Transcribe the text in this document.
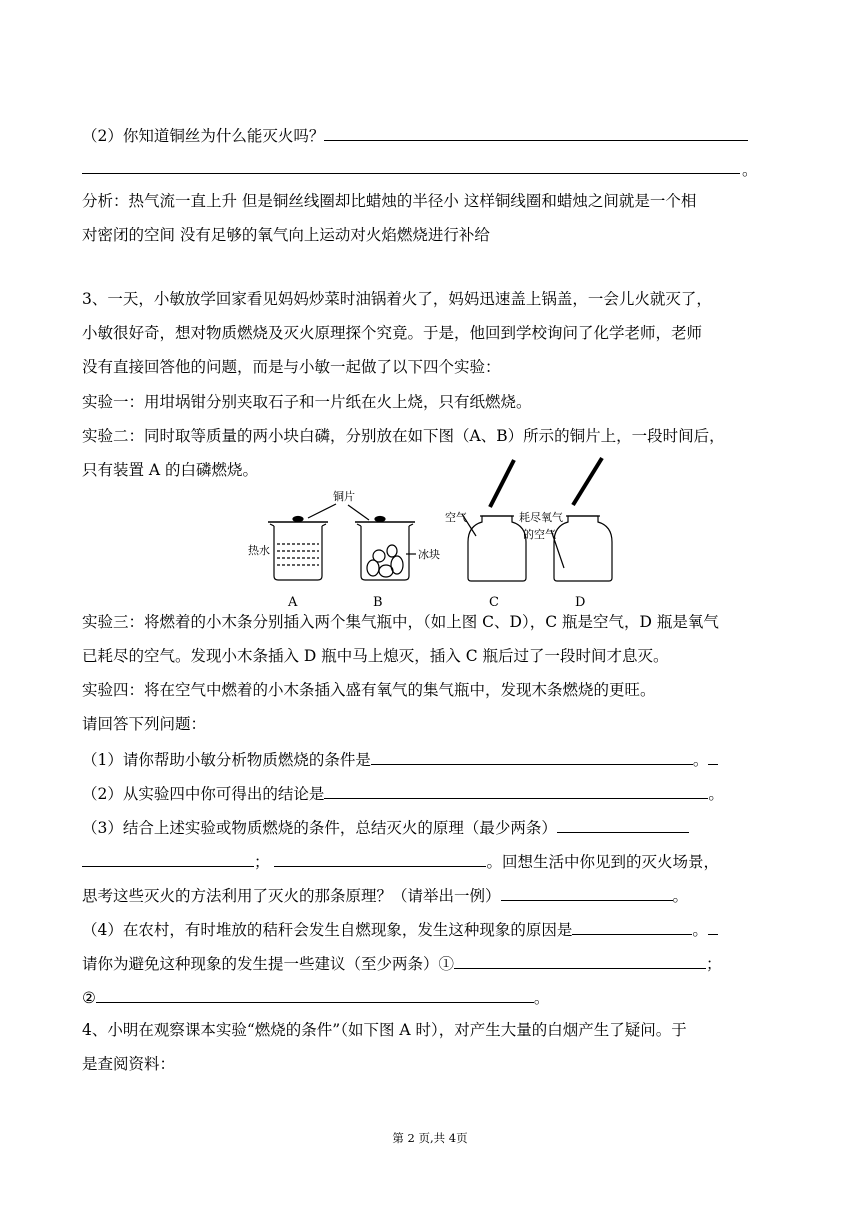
（2）你知道铜丝为什么能灭火吗？
。
分析：热气流一直上升 但是铜丝线圈却比蜡烛的半径小 这样铜线圈和蜡烛之间就是一个相
对密闭的空间 没有足够的氧气向上运动对火焰燃烧进行补给
3、一天，小敏放学回家看见妈妈炒菜时油锅着火了，妈妈迅速盖上锅盖，一会儿火就灭了，
小敏很好奇，想对物质燃烧及灭火原理探个究竟。于是，他回到学校询问了化学老师，老师
没有直接回答他的问题，而是与小敏一起做了以下四个实验：
实验一：用坩埚钳分别夹取石子和一片纸在火上烧，只有纸燃烧。
实验二：同时取等质量的两小块白磷，分别放在如下图（A、B）所示的铜片上，一段时间后，
只有装置 A 的白磷燃烧。
铜片
热水	冰块
空气	耗尽氧气
的空气
A	B	C	D
实验三：将燃着的小木条分别插入两个集气瓶中，（如上图 C、D），C 瓶是空气，D 瓶是氧气
已耗尽的空气。发现小木条插入 D 瓶中马上熄灭，插入 C 瓶后过了一段时间才息灭。
实验四：将在空气中燃着的小木条插入盛有氧气的集气瓶中，发现木条燃烧的更旺。
请回答下列问题：
（1）请你帮助小敏分析物质燃烧的条件是	。
（2）从实验四中你可得出的结论是	。
（3）结合上述实验或物质燃烧的条件，总结灭火的原理（最少两条）
；	。回想生活中你见到的灭火场景，
思考这些灭火的方法利用了灭火的那条原理？（请举出一例）	。
（4）在农村，有时堆放的秸秆会发生自燃现象，发生这种现象的原因是	。
请你为避免这种现象的发生提一些建议（至少两条）①	；
②	。
4、小明在观察课本实验“燃烧的条件”（如下图 A 时），对产生大量的白烟产生了疑问。于
是查阅资料：
第 2 页,共 4页
